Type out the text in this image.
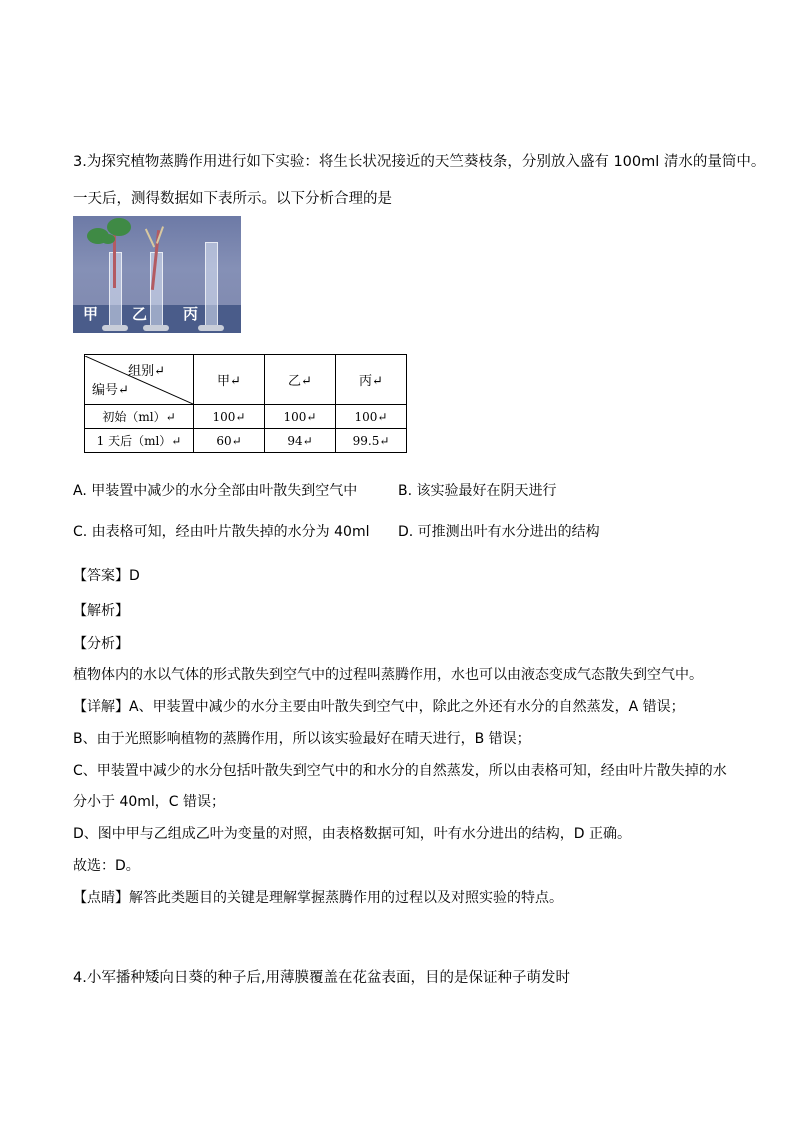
3.为探究植物蒸腾作用进行如下实验：将生长状况接近的天竺葵枝条，分别放入盛有 100ml 清水的量筒中。
一天后，测得数据如下表所示。以下分析合理的是
甲 乙 丙
组别↵
编号↵	甲↵	乙↵	丙↵
初始（ml）↵	100↵	100↵	100↵
1 天后（ml）↵	60↵	94↵	99.5↵
A. 甲装置中减少的水分全部由叶散失到空气中	B. 该实验最好在阴天进行
C. 由表格可知，经由叶片散失掉的水分为 40ml D. 可推测出叶有水分进出的结构
【答案】D
【解析】
【分析】
植物体内的水以气体的形式散失到空气中的过程叫蒸腾作用，水也可以由液态变成气态散失到空气中。
【详解】A、甲装置中减少的水分主要由叶散失到空气中，除此之外还有水分的自然蒸发，A 错误；
B、由于光照影响植物的蒸腾作用，所以该实验最好在晴天进行，B 错误；
C、甲装置中减少的水分包括叶散失到空气中的和水分的自然蒸发，所以由表格可知，经由叶片散失掉的水
分小于 40ml，C 错误；
D、图中甲与乙组成乙叶为变量的对照，由表格数据可知，叶有水分进出的结构，D 正确。
故选：D。
【点睛】解答此类题目的关键是理解掌握蒸腾作用的过程以及对照实验的特点。
4.小军播种矮向日葵的种子后,用薄膜覆盖在花盆表面，目的是保证种子萌发时
